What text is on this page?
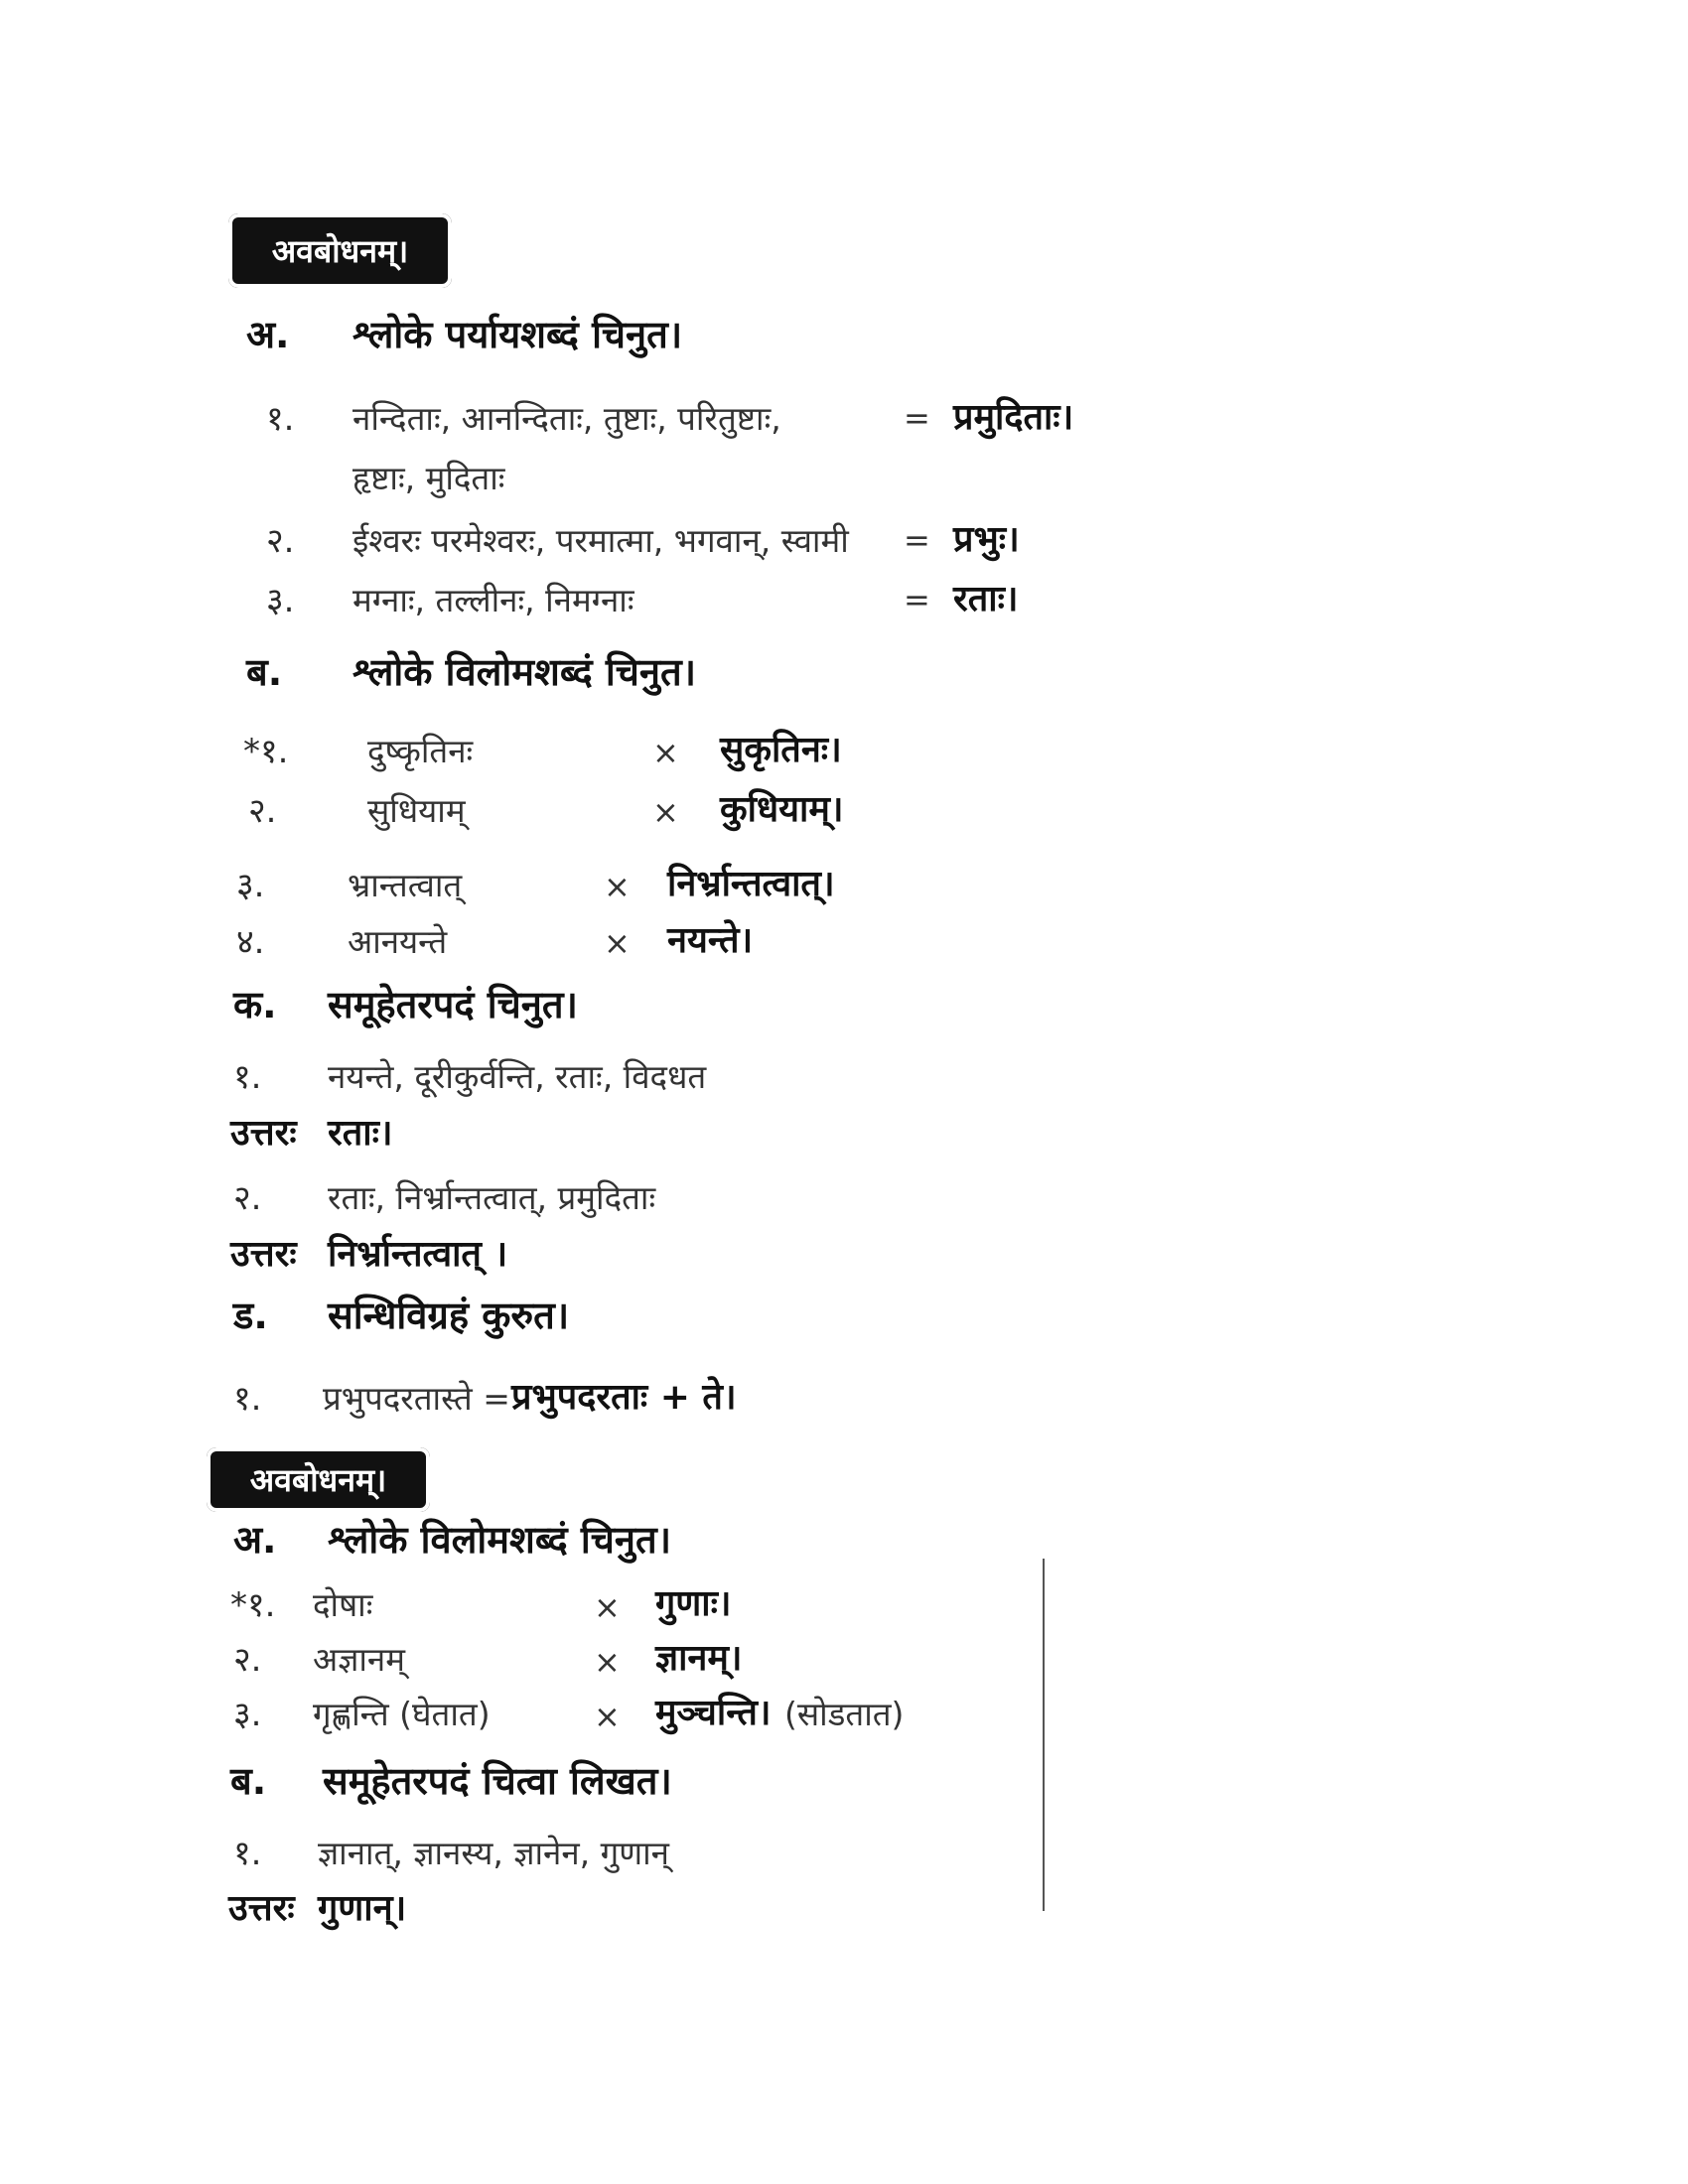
अवबोधनम्।
अ. श्लोके पर्यायशब्दं चिनुत।
१. नन्दिताः, आनन्दिताः, तुष्टाः, परितुष्टाः,	= प्रमुदिताः।
हृष्टाः, मुदिताः
२. ईश्वरः परमेश्वरः, परमात्मा, भगवान्, स्वामी = प्रभुः।
३. मग्नाः, तल्लीनः, निमग्नाः	= रताः।
ब. श्लोके विलोमशब्दं चिनुत।
*१. दुष्कृतिनः	× सुकृतिनः।
२.	सुधियाम्	× कुधियाम्।
३.	भ्रान्तत्वात्	× निर्भ्रान्तत्वात्।
४.	आनयन्ते	× नयन्ते।
क. समूहेतरपदं चिनुत।
१. नयन्ते, दूरीकुर्वन्ति, रताः, विदधत
उत्तरः रताः।
२. रताः, निर्भ्रान्तत्वात्, प्रमुदिताः
उत्तरः निर्भ्रान्तत्वात् ।
ड. सन्धिविग्रहं कुरुत।
१. प्रभुपदरतास्ते = प्रभुपदरताः + ते।
अवबोधनम्।
अ. श्लोके विलोमशब्दं चिनुत।
*१. दोषाः	× गुणाः।
२. अज्ञानम्	× ज्ञानम्।
३. गृह्णन्ति (घेतात)	× मुञ्चन्ति। (सोडतात)
ब. समूहेतरपदं चित्वा लिखत।
१. ज्ञानात्, ज्ञानस्य, ज्ञानेन, गुणान्
उत्तरः गुणान्।
